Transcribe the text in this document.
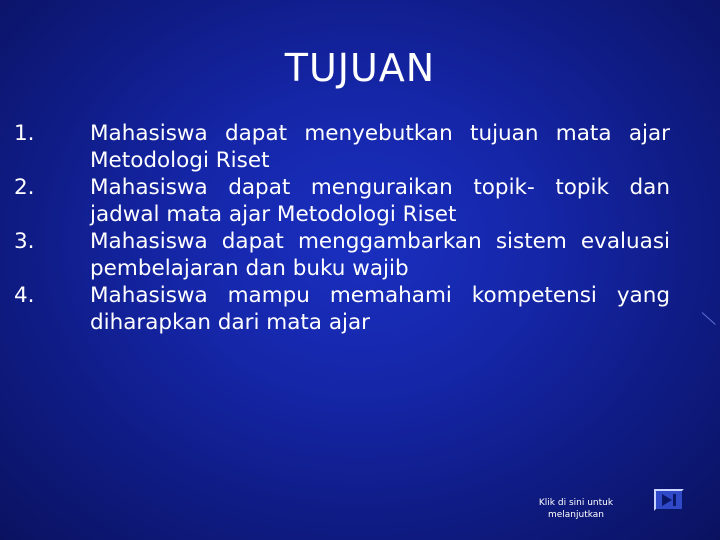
TUJUAN
1.	Mahasiswa dapat menyebutkan tujuan mata ajar Metodologi Riset
2.	Mahasiswa dapat menguraikan topik- topik dan jadwal mata ajar Metodologi Riset
3.	Mahasiswa dapat menggambarkan sistem evaluasi pembelajaran dan buku wajib
4.	Mahasiswa mampu memahami kompetensi yang diharapkan dari mata ajar
Klik di sini untuk
melanjutkan
